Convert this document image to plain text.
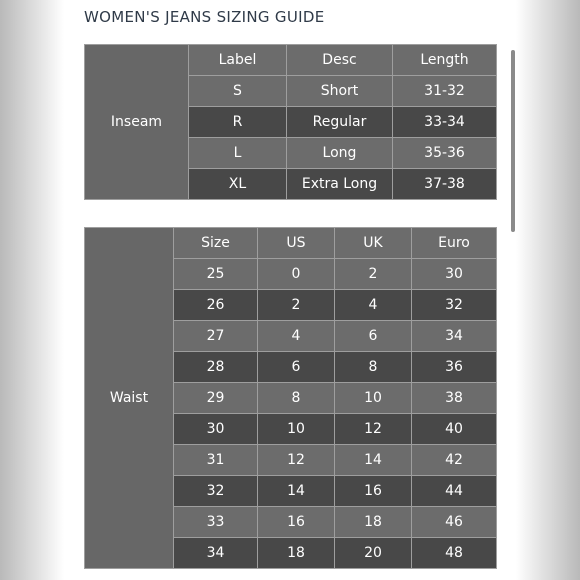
WOMEN'S JEANS SIZING GUIDE
Inseam	Label	Desc	Length
	S	Short	31-32
	R	Regular	33-34
	L	Long	35-36
	XL	Extra Long	37-38
Waist	Size	US	UK	Euro
	25	0	2	30
	26	2	4	32
	27	4	6	34
	28	6	8	36
	29	8	10	38
	30	10	12	40
	31	12	14	42
	32	14	16	44
	33	16	18	46
	34	18	20	48
